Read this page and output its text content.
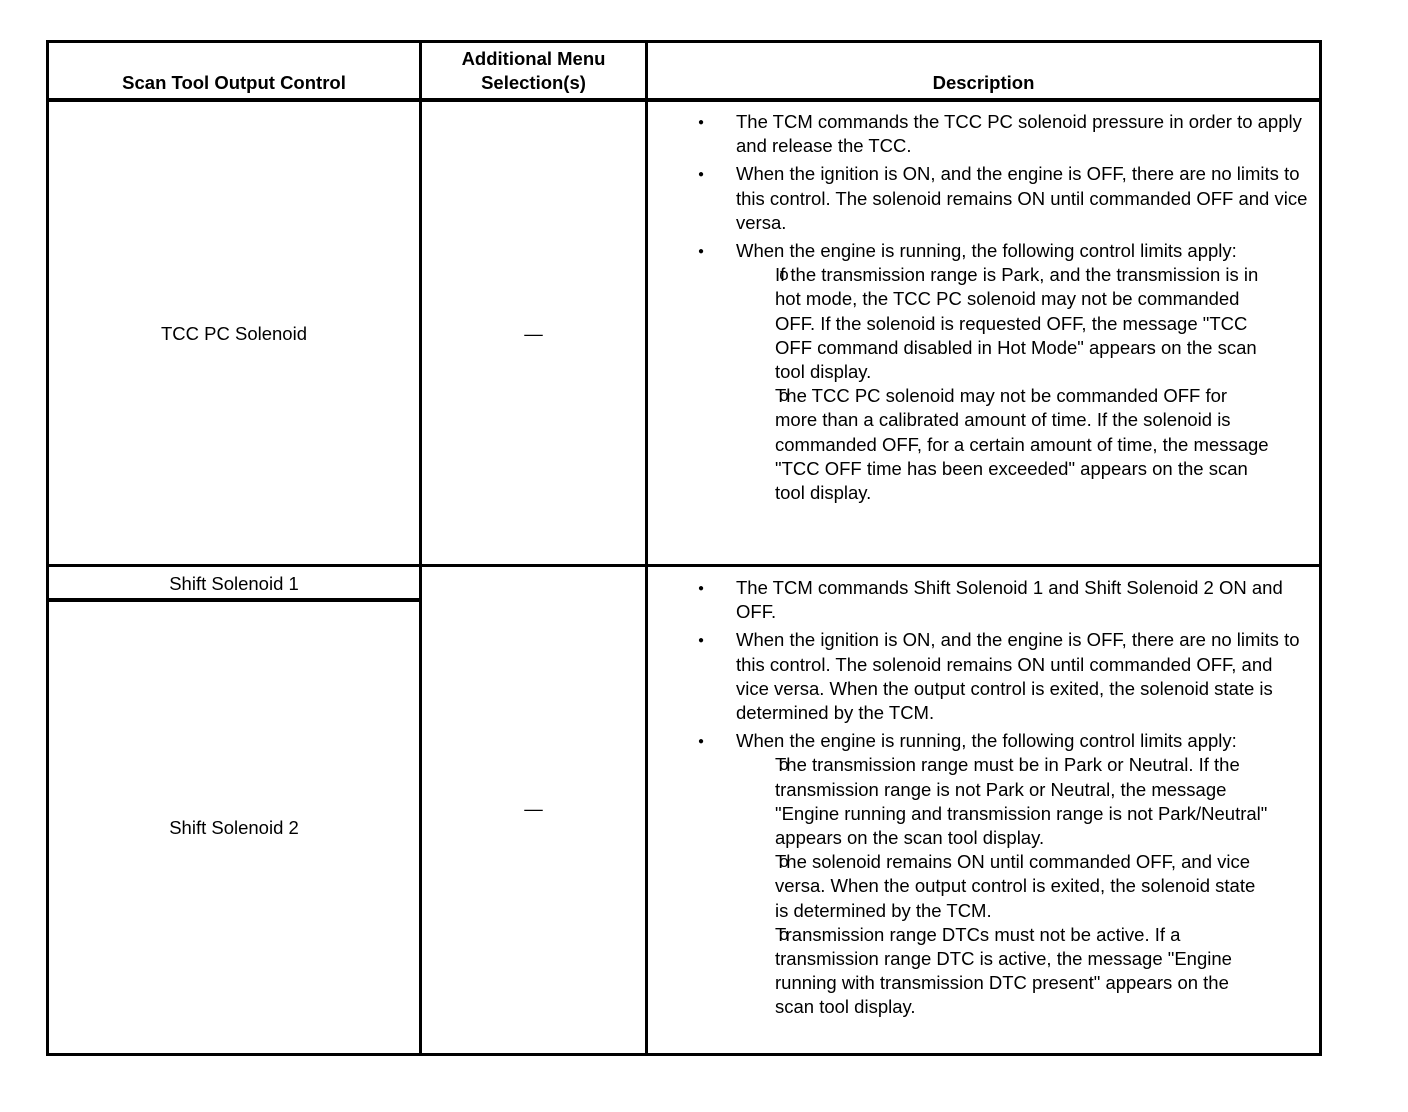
Scan Tool Output Control
Additional Menu
Selection(s)	Description
TCC PC Solenoid	—
●
The TCM commands the TCC PC solenoid pressure in order to apply and release the TCC.
●
When the ignition is ON, and the engine is OFF, there are no limits to this control. The solenoid remains ON until commanded OFF and vice versa.
●
When the engine is running, the following control limits apply:
o
If the transmission range is Park, and the transmission is in hot mode, the TCC PC solenoid may not be commanded OFF. If the solenoid is requested OFF, the message "TCC OFF command disabled in Hot Mode" appears on the scan tool display.
o
The TCC PC solenoid may not be commanded OFF for more than a calibrated amount of time. If the solenoid is commanded OFF, for a certain amount of time, the message "TCC OFF time has been exceeded" appears on the scan tool display.
Shift Solenoid 1
Shift Solenoid 2
—
●
The TCM commands Shift Solenoid 1 and Shift Solenoid 2 ON and OFF.
●
When the ignition is ON, and the engine is OFF, there are no limits to this control. The solenoid remains ON until commanded OFF, and vice versa. When the output control is exited, the solenoid state is determined by the TCM.
●
When the engine is running, the following control limits apply:
o
The transmission range must be in Park or Neutral. If the transmission range is not Park or Neutral, the message "Engine running and transmission range is not Park/Neutral" appears on the scan tool display.
o
The solenoid remains ON until commanded OFF, and vice versa. When the output control is exited, the solenoid state is determined by the TCM.
o
Transmission range DTCs must not be active. If a transmission range DTC is active, the message "Engine running with transmission DTC present" appears on the scan tool display.
